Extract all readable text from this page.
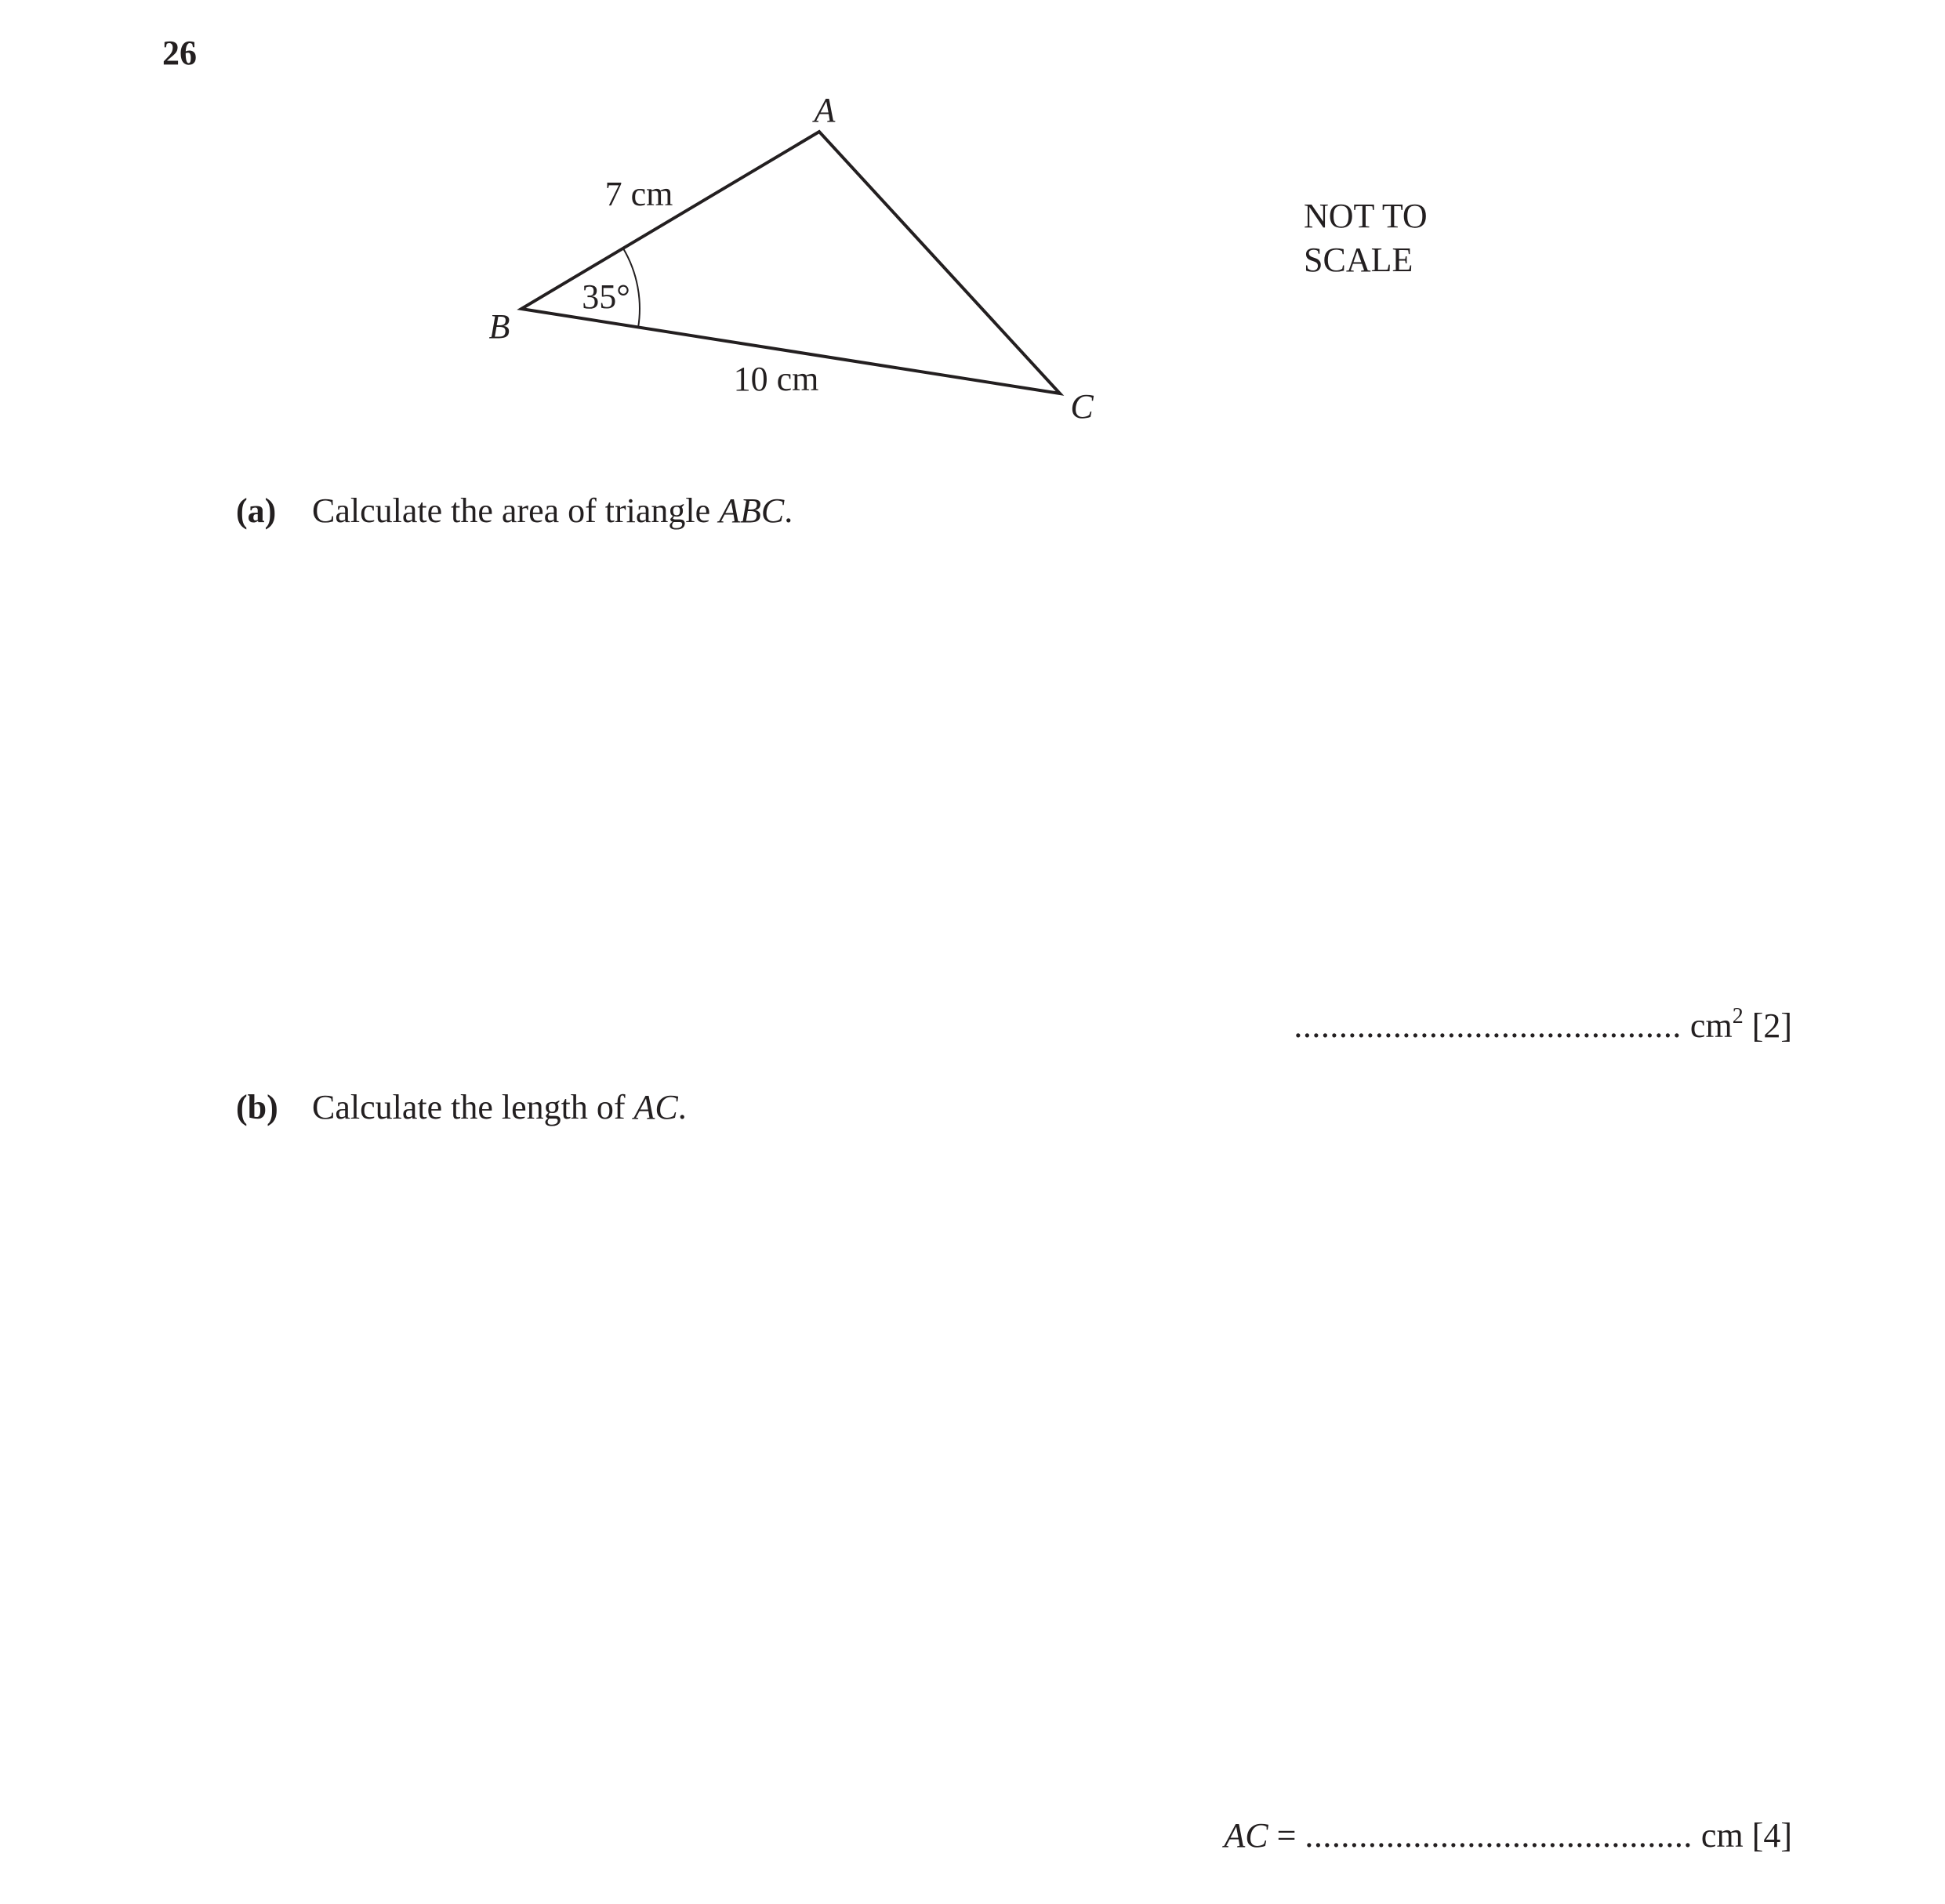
26
A
B
C
7 cm
10 cm
35°
NOT TO
SCALE
(a) Calculate the area of triangle ABC.
........................................... $cm^2$ [2]
(b) Calculate the length of AC.
AC = ........................................... cm [4]
